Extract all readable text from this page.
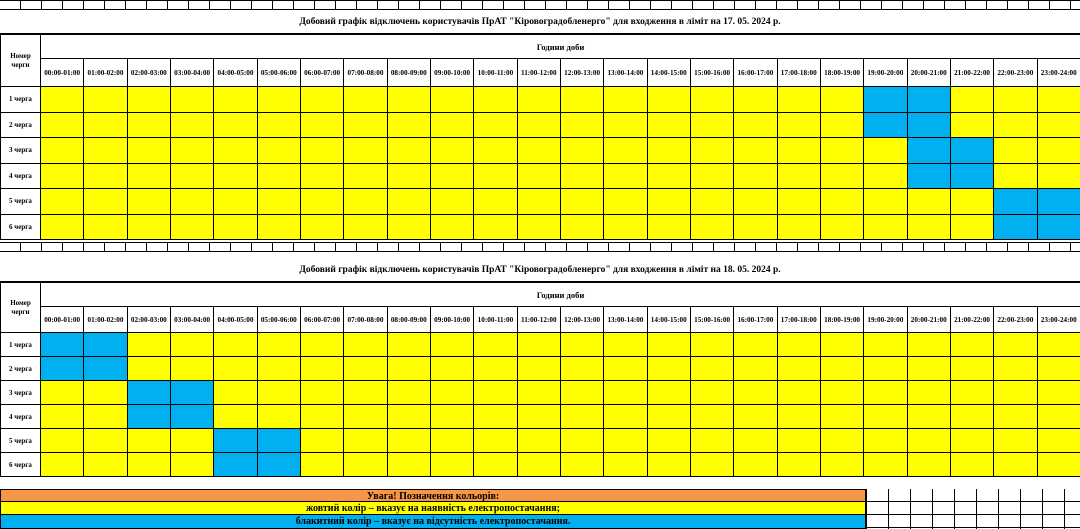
Добовий графік відключень користувачів ПрАТ "Кіровоградобленерго" для входження в ліміт на 17. 05. 2024 р.
Номер черги	Години доби																							
	00:00-01:00	01:00-02:00	02:00-03:00	03:00-04:00	04:00-05:00	05:00-06:00	06:00-07:00	07:00-08:00	08:00-09:00	09:00-10:00	10:00-11:00	11:00-12:00	12:00-13:00	13:00-14:00	14:00-15:00	15:00-16:00	16:00-17:00	17:00-18:00	18:00-19:00	19:00-20:00	20:00-21:00	21:00-22:00	22:00-23:00	23:00-24:00
1 черга																								
2 черга																								
3 черга																								
4 черга																								
5 черга																								
6 черга																								
Добовий графік відключень користувачів ПрАТ "Кіровоградобленерго" для входження в ліміт на 18. 05. 2024 р.
Номер черги	Години доби																							
	00:00-01:00	01:00-02:00	02:00-03:00	03:00-04:00	04:00-05:00	05:00-06:00	06:00-07:00	07:00-08:00	08:00-09:00	09:00-10:00	10:00-11:00	11:00-12:00	12:00-13:00	13:00-14:00	14:00-15:00	15:00-16:00	16:00-17:00	17:00-18:00	18:00-19:00	19:00-20:00	20:00-21:00	21:00-22:00	22:00-23:00	23:00-24:00
1 черга																								
2 черга																								
3 черга																								
4 черга																								
5 черга																								
6 черга																								
Увага! Позначення кольорів:
жовтий колір – вказує на наявність електропостачання;
блакитний колір – вказує на відсутність електропостачання.
